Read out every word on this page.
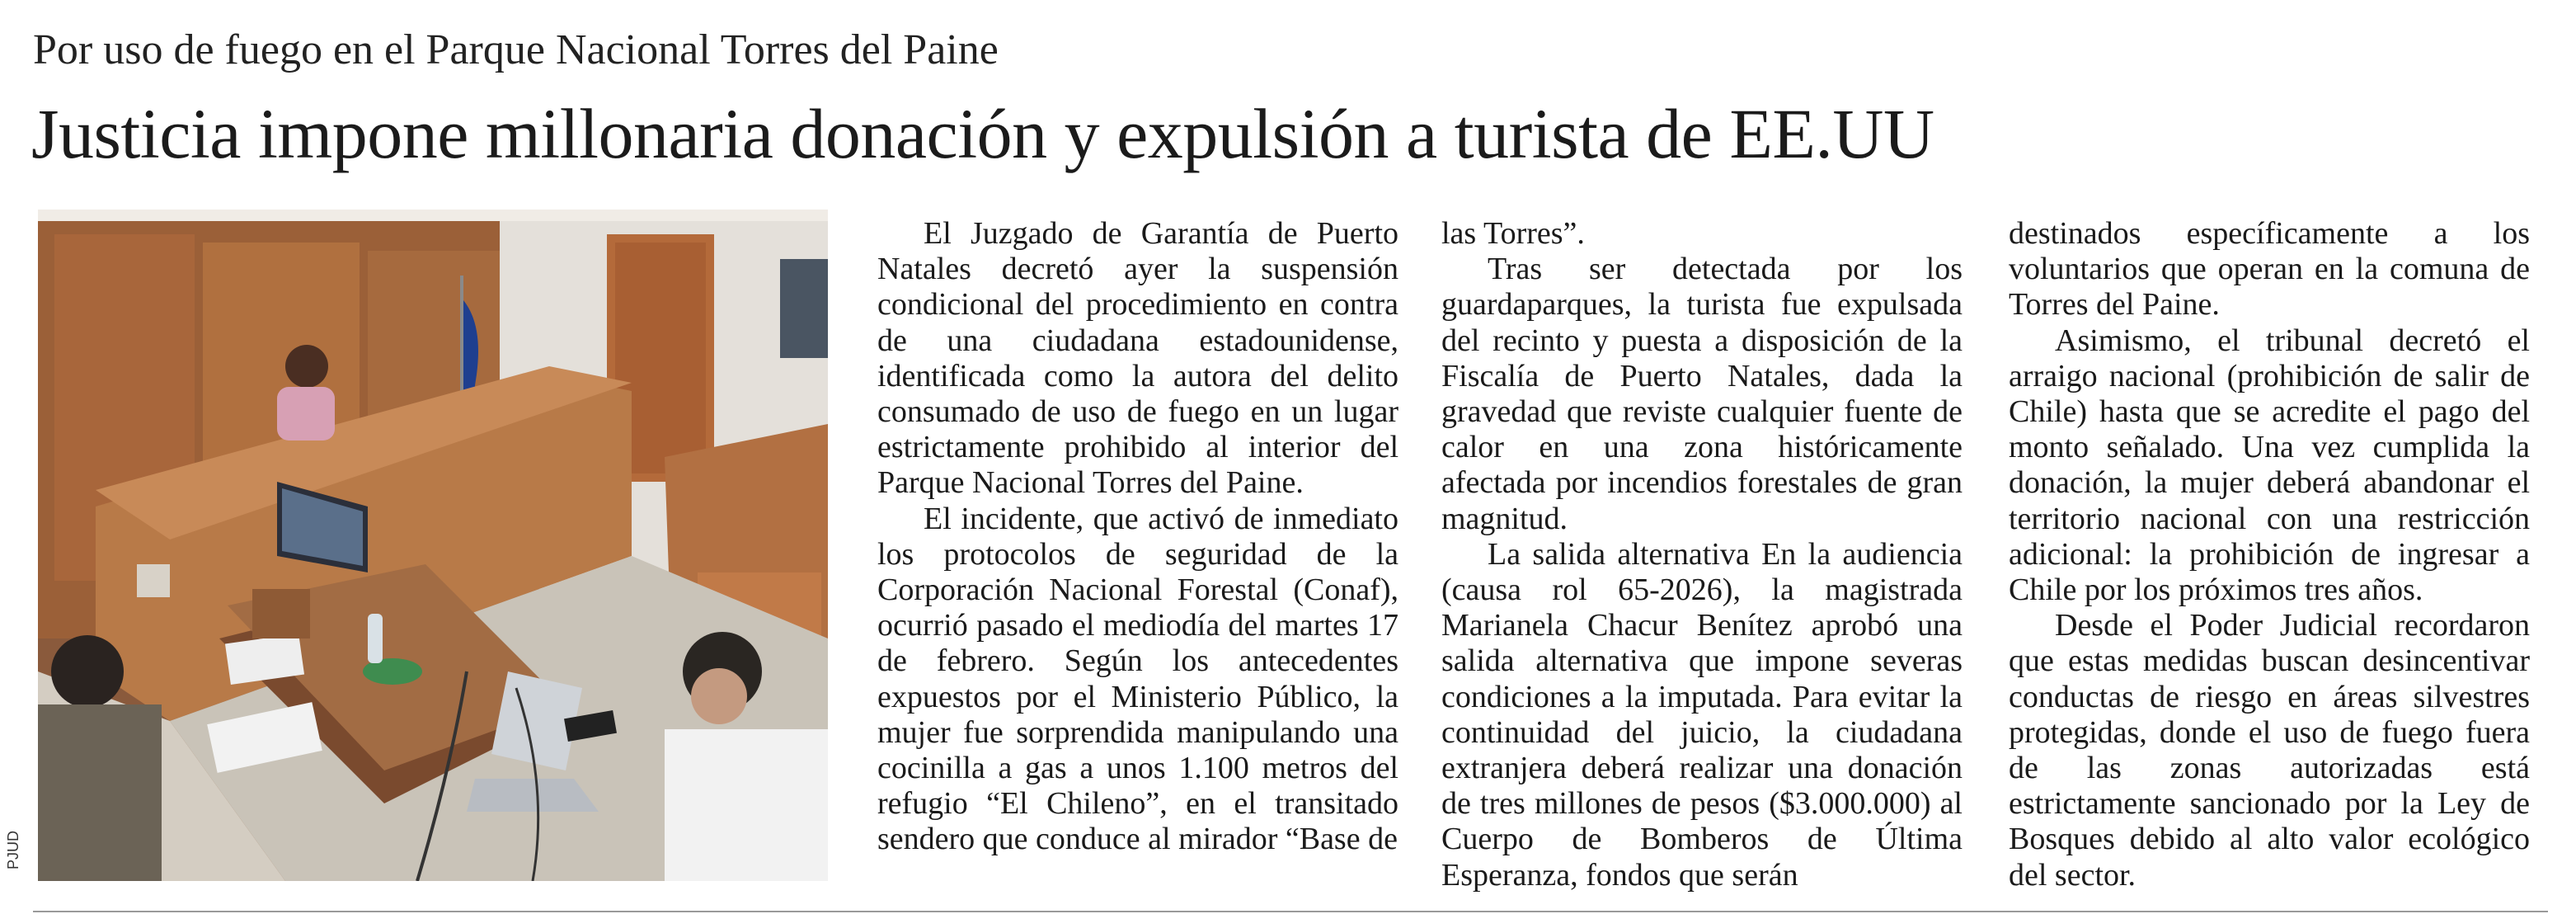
Por uso de fuego en el Parque Nacional Torres del Paine
Justicia impone millonaria donación y expulsión a turista de EE.UU
PJUD

El Juzgado de Garantía de Puerto Natales decretó ayer la suspensión condicional del procedimiento en contra de una ciudadana estadounidense, identificada como la autora del delito consumado de uso de fuego en un lugar estrictamente prohibido al interior del Parque Nacional Torres del Paine.

El incidente, que activó de inmediato los protocolos de seguridad de la Corporación Nacional Forestal (Conaf), ocurrió pasado el mediodía del martes 17 de febrero. Según los antecedentes expuestos por el Ministerio Público, la mujer fue sorprendida manipulando una cocinilla a gas a unos 1.100 metros del refugio “El Chileno”, en el transitado sendero que conduce al mirador “Base de

las Torres”.

Tras ser detectada por los guardaparques, la turista fue expulsada del recinto y puesta a disposición de la Fiscalía de Puerto Natales, dada la gravedad que reviste cualquier fuente de calor en una zona históricamente afectada por incendios forestales de gran magnitud.

La salida alternativa En la audiencia (causa rol 65-2026), la magistrada Marianela Chacur Benítez aprobó una salida alternativa que impone severas condiciones a la imputada. Para evitar la continuidad del juicio, la ciudadana extranjera deberá realizar una donación de tres millones de pesos ($3.000.000) al Cuerpo de Bomberos de Última Esperanza, fondos que serán

destinados específicamente a los voluntarios que operan en la comuna de Torres del Paine.

Asimismo, el tribunal decretó el arraigo nacional (prohibición de salir de Chile) hasta que se acredite el pago del monto señalado. Una vez cumplida la donación, la mujer deberá abandonar el territorio nacional con una restricción adicional: la prohibición de ingresar a Chile por los próximos tres años.

Desde el Poder Judicial recordaron que estas medidas buscan desincentivar conductas de riesgo en áreas silvestres protegidas, donde el uso de fuego fuera de las zonas autorizadas está estrictamente sancionado por la Ley de Bosques debido al alto valor ecológico del sector.
